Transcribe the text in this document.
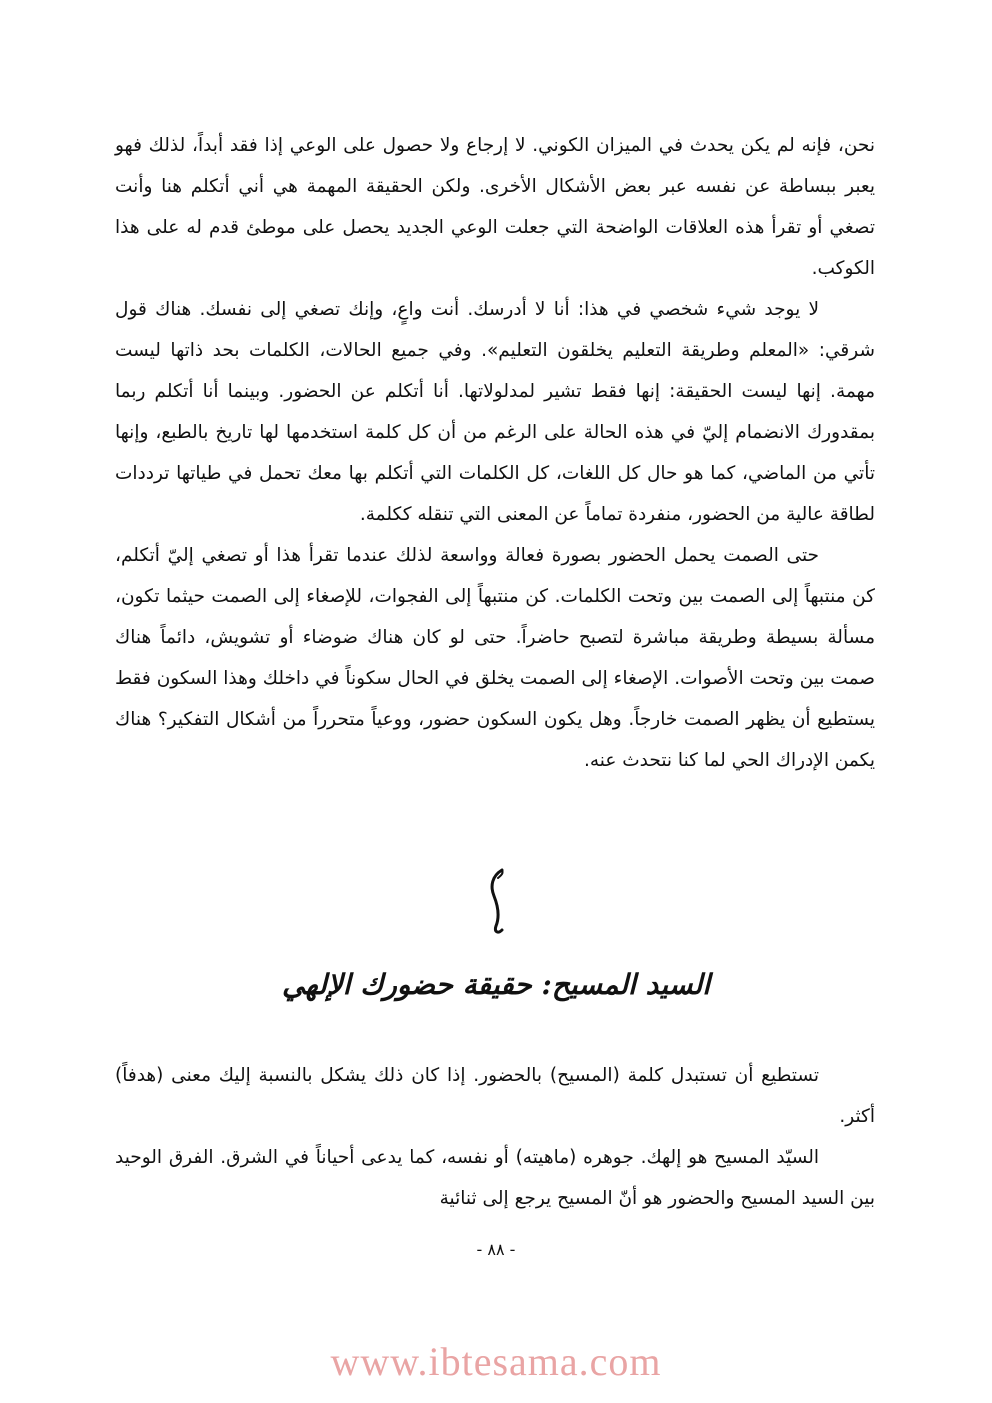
نحن، فإنه لم يكن يحدث في الميزان الكوني. لا إرجاع ولا حصول على الوعي إذا فقد أبداً، لذلك فهو يعبر ببساطة عن نفسه عبر بعض الأشكال الأخرى. ولكن الحقيقة المهمة هي أني أتكلم هنا وأنت تصغي أو تقرأ هذه العلاقات الواضحة التي جعلت الوعي الجديد يحصل على موطئ قدم له على هذا الكوكب.

لا يوجد شيء شخصي في هذا: أنا لا أدرسك. أنت واعٍ، وإنك تصغي إلى نفسك. هناك قول شرقي: «المعلم وطريقة التعليم يخلقون التعليم». وفي جميع الحالات، الكلمات بحد ذاتها ليست مهمة. إنها ليست الحقيقة: إنها فقط تشير لمدلولاتها. أنا أتكلم عن الحضور. وبينما أنا أتكلم ربما بمقدورك الانضمام إليّ في هذه الحالة على الرغم من أن كل كلمة استخدمها لها تاريخ بالطبع، وإنها تأتي من الماضي، كما هو حال كل اللغات، كل الكلمات التي أتكلم بها معك تحمل في طياتها ترددات لطاقة عالية من الحضور، منفردة تماماً عن المعنى التي تنقله ككلمة.

حتى الصمت يحمل الحضور بصورة فعالة وواسعة لذلك عندما تقرأ هذا أو تصغي إليّ أتكلم، كن منتبهاً إلى الصمت بين وتحت الكلمات. كن منتبهاً إلى الفجوات، للإصغاء إلى الصمت حيثما تكون، مسألة بسيطة وطريقة مباشرة لتصبح حاضراً. حتى لو كان هناك ضوضاء أو تشويش، دائماً هناك صمت بين وتحت الأصوات. الإصغاء إلى الصمت يخلق في الحال سكوناً في داخلك وهذا السكون فقط يستطيع أن يظهر الصمت خارجاً. وهل يكون السكون حضور، ووعياً متحرراً من أشكال التفكير؟ هناك يكمن الإدراك الحي لما كنا نتحدث عنه.

السيد المسيح: حقيقة حضورك الإلهي

تستطيع أن تستبدل كلمة (المسيح) بالحضور. إذا كان ذلك يشكل بالنسبة إليك معنى (هدفاً) أكثر.

السيّد المسيح هو إلهك. جوهره (ماهيته) أو نفسه، كما يدعى أحياناً في الشرق. الفرق الوحيد بين السيد المسيح والحضور هو أنّ المسيح يرجع إلى ثنائية

- ٨٨ -
www.ibtesama.com
